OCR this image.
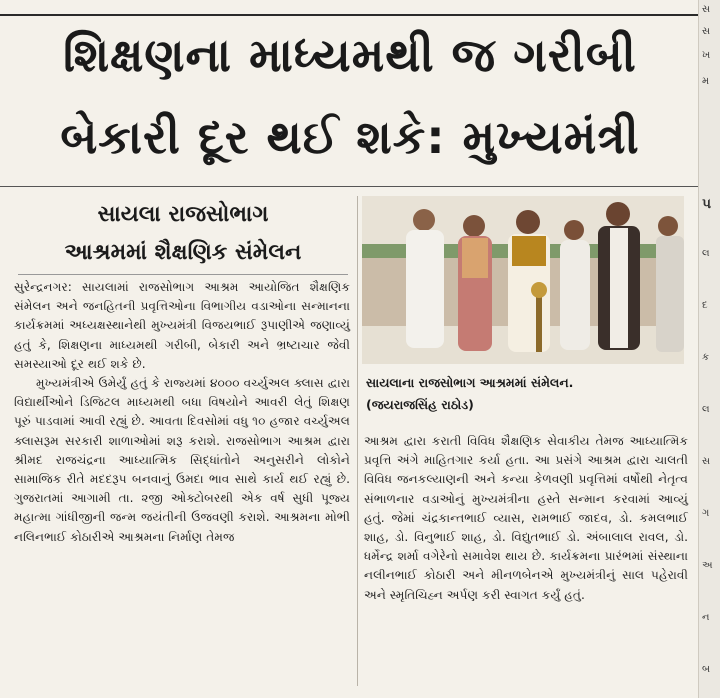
શિક્ષણના માધ્યમથી જ ગરીબી
બેકારી દૂર થઈ શકે: મુખ્યમંત્રી
સાયલા રાજસોભાગ
આશ્રમમાં શૈક્ષણિક સંમેલન

સુરેન્દ્રનગર: સાયલામાં રાજસોભાગ આશ્રમ આયોજિત શૈક્ષણિક સંમેલન અને જનહિતની પ્રવૃત્તિઓના વિભાગીય વડાઓના સન્માનના કાર્યક્રમમાં અધ્યક્ષસ્થાનેથી મુખ્યમંત્રી વિજયભાઈ રૂપાણીએ જણાવ્યું હતું કે, શિક્ષણના માધ્યમથી ગરીબી, બેકારી અને ભ્રષ્ટાચાર જેવી સમસ્યાઓ દૂર થઈ શકે છે.

મુખ્યમંત્રીએ ઉમેર્યું હતું કે રાજ્યમાં ૪૦૦૦ વર્ચ્યુઅલ ક્લાસ દ્વારા વિદ્યાર્થીઓને ડિજિટલ માધ્યમથી બધા વિષયોને આવરી લેતું શિક્ષણ પૂરું પાડવામાં આવી રહ્યું છે. આવતા દિવસોમાં વધુ ૧૦ હજાર વર્ચ્યુઅલ ક્લાસરૂમ સરકારી શાળાઓમાં શરૂ કરાશે. રાજસોભાગ આશ્રમ દ્વારા શ્રીમદ રાજચંદ્રના આધ્યાત્મિક સિદ્ધાંતોને અનુસરીને લોકોને સામાજિક રીતે મદદરૂપ બનવાનું ઉમદા ભાવ સાથે કાર્ય થઈ રહ્યું છે. ગુજરાતમાં આગામી તા. ૨જી ઓક્ટોબરથી એક વર્ષ સુધી પૂજ્ય મહાત્મા ગાંધીજીની જન્મ જયંતીની ઉજવણી કરાશે. આશ્રમના મોભી નલિનભાઈ કોઠારીએ આશ્રમના નિર્માણ તેમજ

સાયલાના રાજસોભાગ આશ્રમમાં સંમેલન.
(જયરાજસિંહ રાઠોડ)

આશ્રમ દ્વારા કરાતી વિવિધ શૈક્ષણિક સેવાકીય તેમજ આધ્યાત્મિક પ્રવૃત્તિ અંગે માહિતગાર કર્યા હતા. આ પ્રસંગે આશ્રમ દ્વારા ચાલતી વિવિધ જનકલ્યાણની અને કન્યા કેળવણી પ્રવૃત્તિમાં વર્ષોથી નેતૃત્વ સંભાળનાર વડાઓનું મુખ્યમંત્રીના હસ્તે સન્માન કરવામાં આવ્યું હતું. જેમાં ચંદ્રકાન્તભાઈ વ્યાસ, રામભાઈ જાદવ, ડો. કમલભાઈ શાહ, ડો. વિનુભાઈ શાહ, ડો. વિદ્યુતભાઈ ડો. અંબાલાલ રાવલ, ડો. ધર્મેન્દ્ર શર્મા વગેરેનો સમાવેશ થાય છે. કાર્યક્રમના પ્રારંભમાં સંસ્થાના નલીનભાઈ કોઠારી અને મીનળબેનએ મુખ્યમંત્રીનું સાલ પહેરાવી અને સ્મૃતિચિહ્ન અર્પણ કરી સ્વાગત કર્યું હતું.

સ
સ
ખ
મ
પ
લ
દ
ક
લ
સ
ગ
અ
ન
બ
